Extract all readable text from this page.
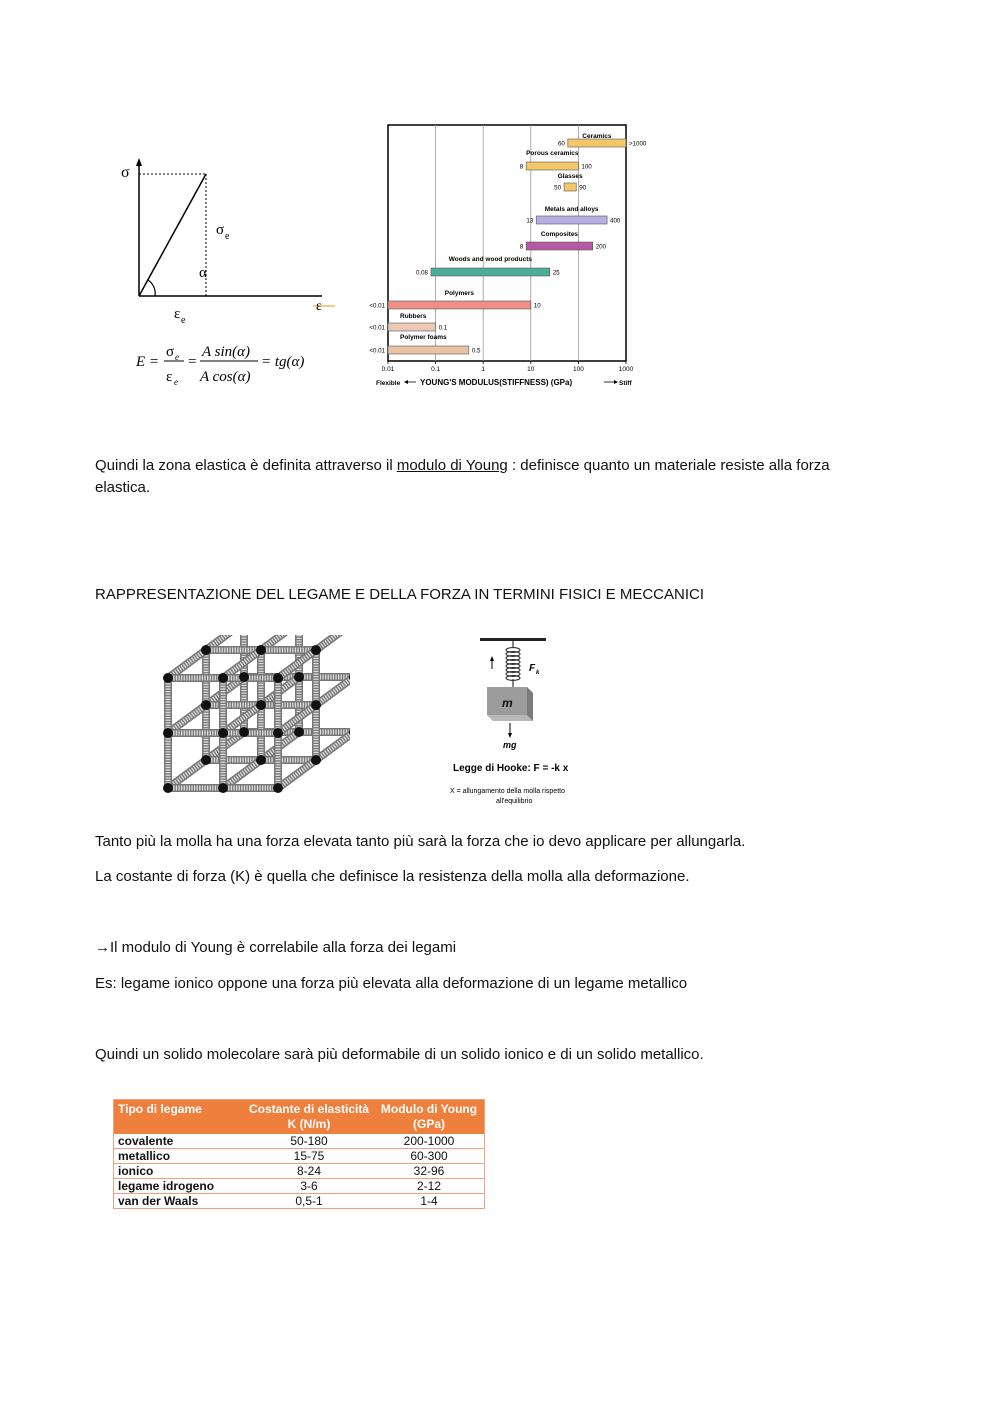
σ
σ e
α
ε
ε e
E =
σ e
ε e
=
A sin(α)
A cos(α)
= tg(α)
Ceramics
60	>1000
Porous ceramics
8	100
Glasses
50	90
Metals and alloys
13	400
Composites
8	200
Woods and wood products
0.08	25
Polymers
<0.01	10
Rubbers
<0.01	0.1
Polymer foams
<0.01	0.5
0.01	0.1	1	10	100	1000
Flexible YOUNG'S MODULUS(STIFFNESS) (GPa)	Stiff
Quindi la zona elastica è definita attraverso il modulo di Young : definisce quanto un materiale resiste alla forza elastica.
RAPPRESENTAZIONE DEL LEGAME E DELLA FORZA IN TERMINI FISICI E MECCANICI
F k
m
mg
Legge di Hooke: F = -k x
X = allungamento della molla rispetto
all'equilibrio
Tanto più la molla ha una forza elevata tanto più sarà la forza che io devo applicare per allungarla.
La costante di forza (K) è quella che definisce la resistenza della molla alla deformazione.
→Il modulo di Young è correlabile alla forza dei legami
Es: legame ionico oppone una forza più elevata alla deformazione di un legame metallico
Quindi un solido molecolare sarà più deformabile di un solido ionico e di un solido metallico.
Tipo di legame	Costante di elasticità K (N/m)	Modulo di Young (GPa)
covalente	50-180	200-1000
metallico	15-75	60-300
ionico	8-24	32-96
legame idrogeno	3-6	2-12
van der Waals	0,5-1	1-4
